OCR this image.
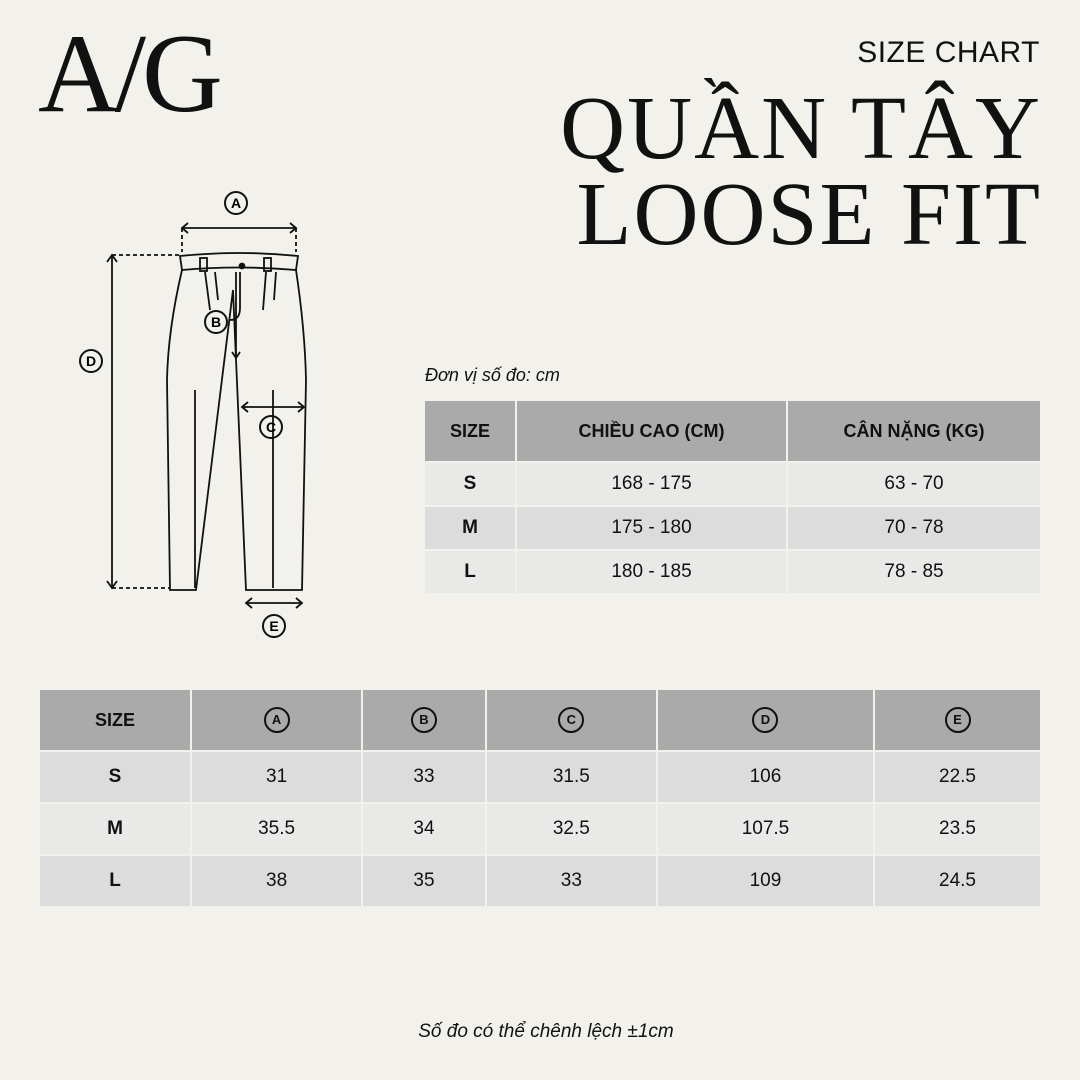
A/G	SIZE CHART
QUẦN TÂY
LOOSE FIT
A
B
D
C
E
Đơn vị số đo: cm
SIZE	CHIỀU CAO (CM)	CÂN NẶNG (KG)
S	168 - 175	63 - 70
M	175 - 180	70 - 78
L	180 - 185	78 - 85
SIZE	A	B	C	D	E
S	31	33	31.5	106	22.5
M	35.5	34	32.5	107.5	23.5
L	38	35	33	109	24.5
Số đo có thể chênh lệch ±1cm
